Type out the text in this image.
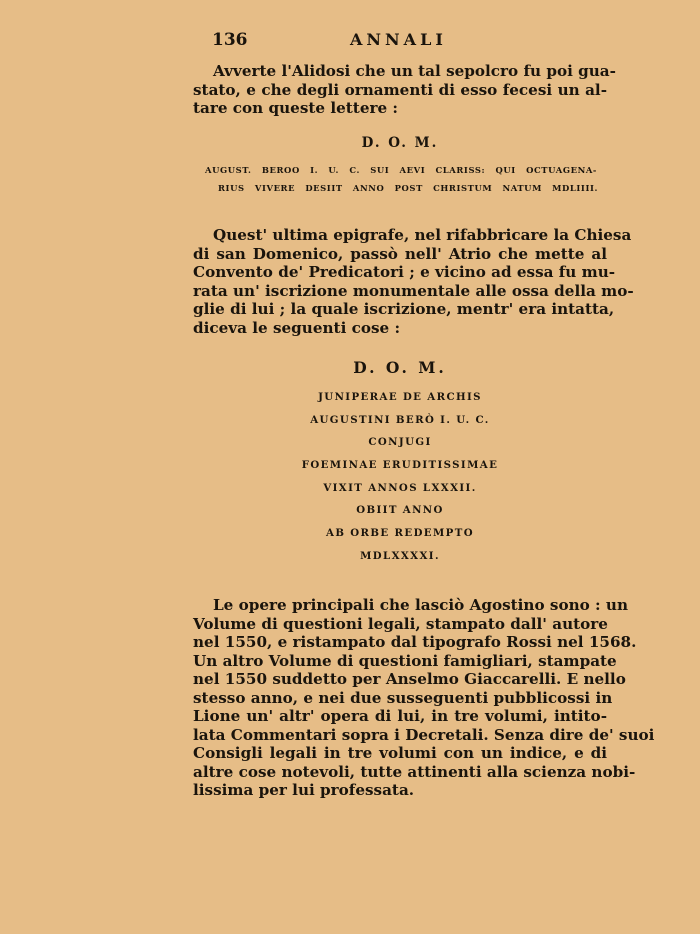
136	ANNALI

Avverte l'Alidosi che un tal sepolcro fu poi gua-
stato, e che degli ornamenti di esso fecesi un al-
tare con queste lettere :

D. O. M.

AUGUST. BEROO I. U. C. SUI AEVI CLARISS: QUI OCTUAGENA-

RIUS VIVERE DESIIT ANNO POST CHRISTUM NATUM MDLIIII.

Quest' ultima epigrafe, nel rifabbricare la Chiesa
di san Domenico, passò nell' Atrio che mette al
Convento de' Predicatori ; e vicino ad essa fu mu-
rata un' iscrizione monumentale alle ossa della mo-
glie di lui ; la quale iscrizione, mentr' era intatta,
diceva le seguenti cose :

D. O. M.

JUNIPERAE DE ARCHIS

AUGUSTINI BERÒ I. U. C.

CONJUGI

FOEMINAE ERUDITISSIMAE

VIXIT ANNOS LXXXII.

OBIIT ANNO

AB ORBE REDEMPTO

MDLXXXXI.

Le opere principali che lasciò Agostino sono : un
Volume di questioni legali, stampato dall' autore
nel 1550, e ristampato dal tipografo Rossi nel 1568.
Un altro Volume di questioni famigliari, stampate
nel 1550 suddetto per Anselmo Giaccarelli. E nello
stesso anno, e nei due susseguenti pubblicossi in
Lione un' altr' opera di lui, in tre volumi, intito-
lata Commentari sopra i Decretali. Senza dire de' suoi
Consigli legali in tre volumi con un indice, e di
altre cose notevoli, tutte attinenti alla scienza nobi-
lissima per lui professata.
